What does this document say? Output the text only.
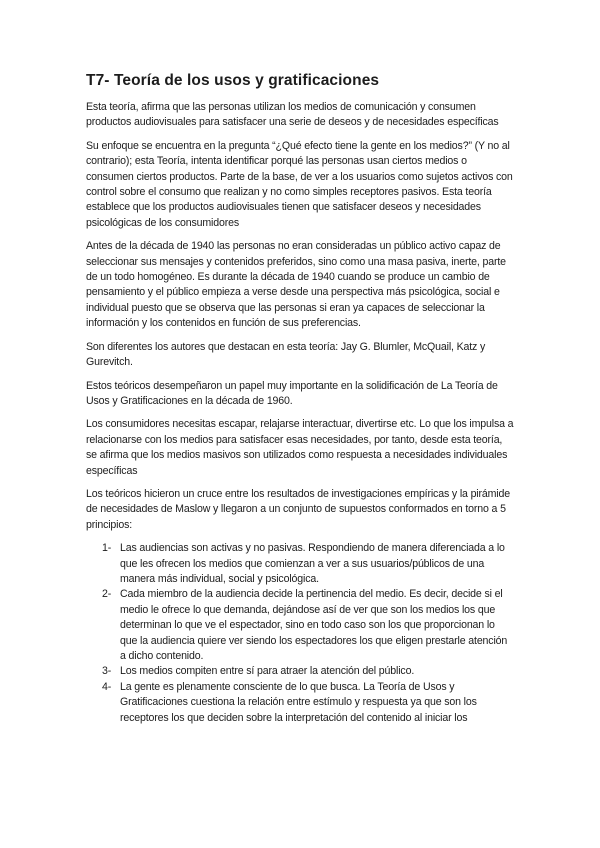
T7- Teoría de los usos y gratificaciones

Esta teoría, afirma que las personas utilizan los medios de comunicación y consumen productos audiovisuales para satisfacer una serie de deseos y de necesidades específicas

Su enfoque se encuentra en la pregunta “¿Qué efecto tiene la gente en los medios?” (Y no al contrario); esta Teoría, intenta identificar porqué las personas usan ciertos medios o consumen ciertos productos. Parte de la base, de ver a los usuarios como sujetos activos con control sobre el consumo que realizan y no como simples receptores pasivos. Esta teoría establece que los productos audiovisuales tienen que satisfacer deseos y necesidades psicológicas de los consumidores

Antes de la década de 1940 las personas no eran consideradas un público activo capaz de seleccionar sus mensajes y contenidos preferidos, sino como una masa pasiva, inerte, parte de un todo homogéneo. Es durante la década de 1940 cuando se produce un cambio de pensamiento y el público empieza a verse desde una perspectiva más psicológica, social e individual puesto que se observa que las personas si eran ya capaces de seleccionar la información y los contenidos en función de sus preferencias.

Son diferentes los autores que destacan en esta teoría: Jay G. Blumler, McQuail, Katz y Gurevitch.

Estos teóricos desempeñaron un papel muy importante en la solidificación de La Teoría de Usos y Gratificaciones en la década de 1960.

Los consumidores necesitas escapar, relajarse interactuar, divertirse etc. Lo que los impulsa a relacionarse con los medios para satisfacer esas necesidades, por tanto, desde esta teoría, se afirma que los medios masivos son utilizados como respuesta a necesidades individuales específicas

Los teóricos hicieron un cruce entre los resultados de investigaciones empíricas y la pirámide de necesidades de Maslow y llegaron a un conjunto de supuestos conformados en torno a 5 principios:

1- Las audiencias son activas y no pasivas. Respondiendo de manera diferenciada a lo que les ofrecen los medios que comienzan a ver a sus usuarios/públicos de una manera más individual, social y psicológica.
2- Cada miembro de la audiencia decide la pertinencia del medio. Es decir, decide si el medio le ofrece lo que demanda, dejándose así de ver que son los medios los que determinan lo que ve el espectador, sino en todo caso son los que proporcionan lo que la audiencia quiere ver siendo los espectadores los que eligen prestarle atención a dicho contenido.
3- Los medios compiten entre sí para atraer la atención del público.
4- La gente es plenamente consciente de lo que busca. La Teoría de Usos y Gratificaciones cuestiona la relación entre estímulo y respuesta ya que son los receptores los que deciden sobre la interpretación del contenido al iniciar los
